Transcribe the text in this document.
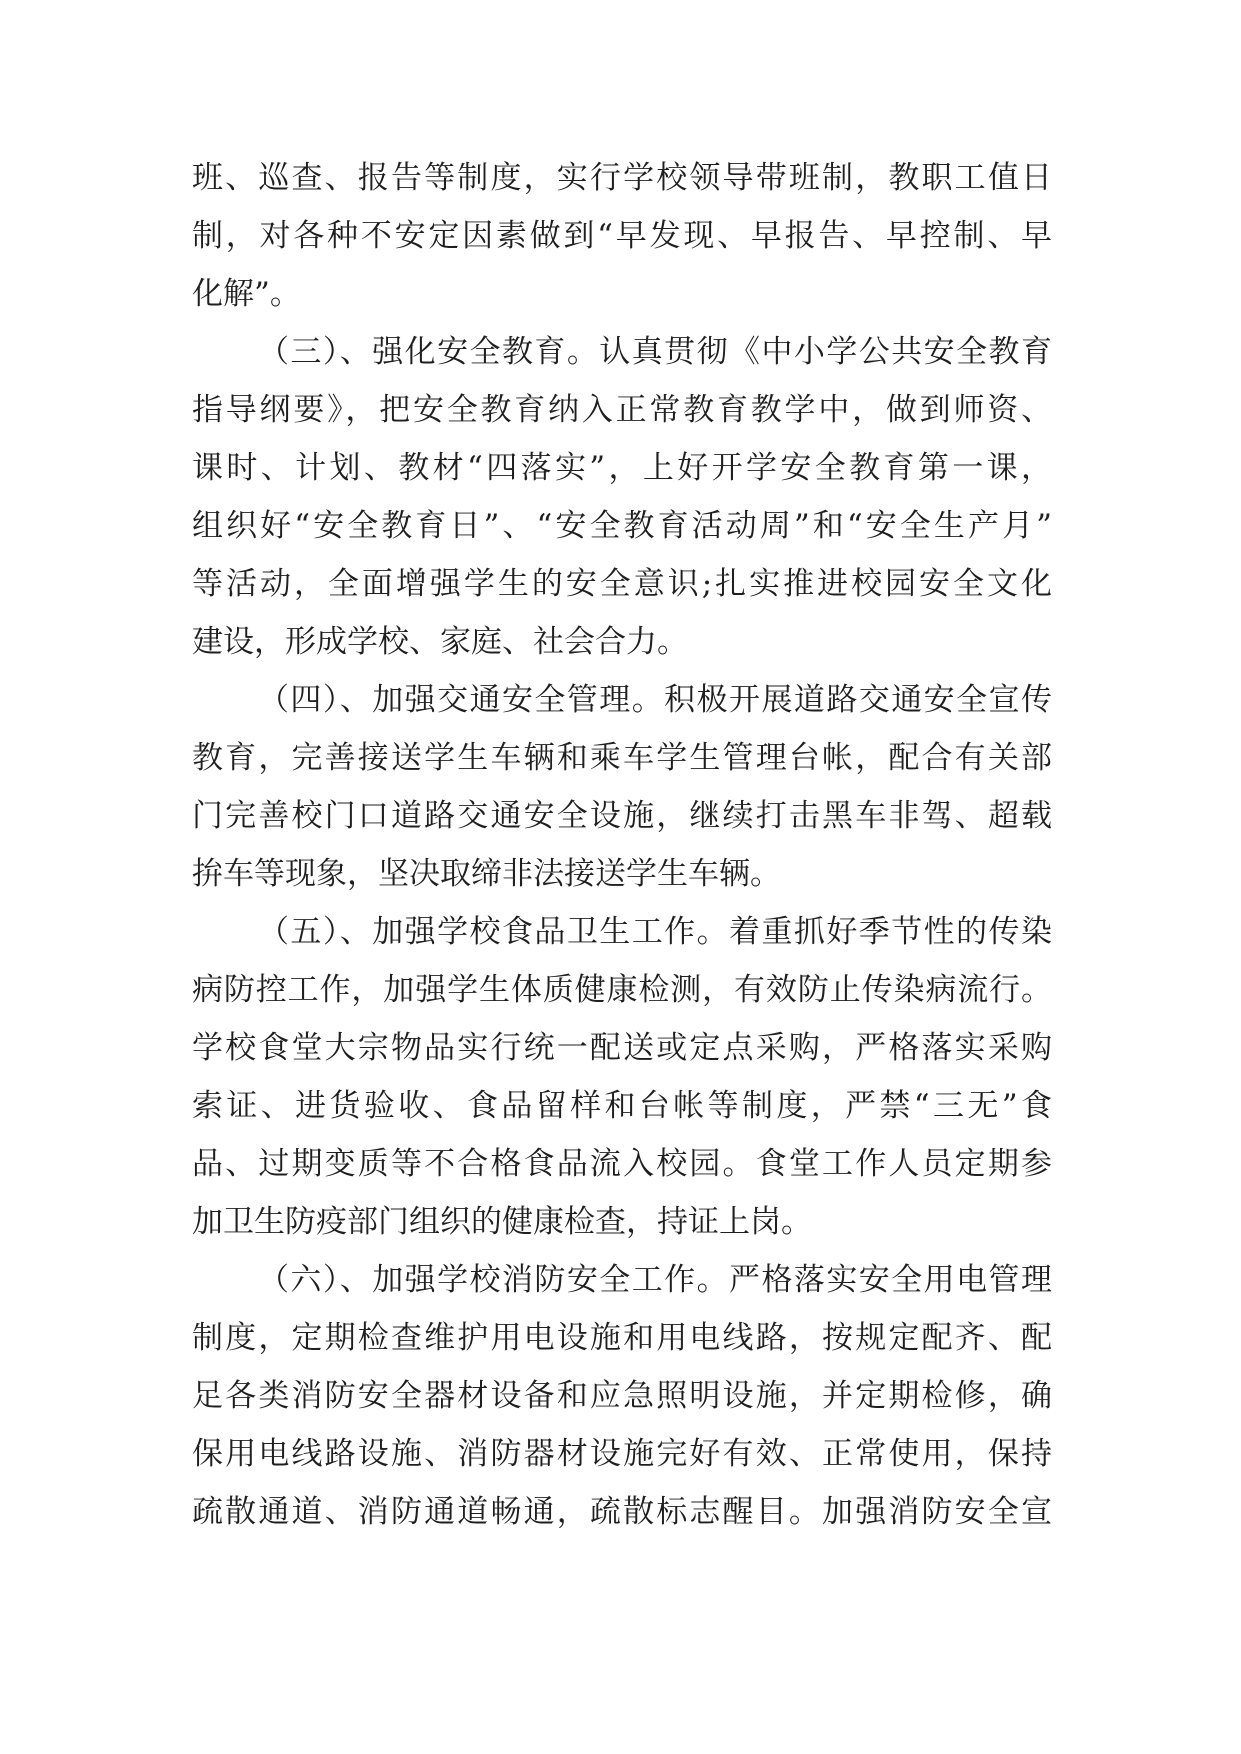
班、巡查、报告等制度，实行学校领导带班制，教职工值日
制，对各种不安定因素做到“早发现、早报告、早控制、早
化解”。
（三）、强化安全教育。认真贯彻《中小学公共安全教育
指导纲要》，把安全教育纳入正常教育教学中，做到师资、
课时、计划、教材“四落实”，上好开学安全教育第一课，
组织好“安全教育日”、“安全教育活动周”和“安全生产月”
等活动，全面增强学生的安全意识;扎实推进校园安全文化
建设，形成学校、家庭、社会合力。
（四）、加强交通安全管理。积极开展道路交通安全宣传
教育，完善接送学生车辆和乘车学生管理台帐，配合有关部
门完善校门口道路交通安全设施，继续打击黑车非驾、超载
拚车等现象，坚决取缔非法接送学生车辆。
（五）、加强学校食品卫生工作。着重抓好季节性的传染
病防控工作，加强学生体质健康检测，有效防止传染病流行。
学校食堂大宗物品实行统一配送或定点采购，严格落实采购
索证、进货验收、食品留样和台帐等制度，严禁“三无”食
品、过期变质等不合格食品流入校园。食堂工作人员定期参
加卫生防疫部门组织的健康检查，持证上岗。
（六）、加强学校消防安全工作。严格落实安全用电管理
制度，定期检查维护用电设施和用电线路，按规定配齐、配
足各类消防安全器材设备和应急照明设施，并定期检修，确
保用电线路设施、消防器材设施完好有效、正常使用，保持
疏散通道、消防通道畅通，疏散标志醒目。加强消防安全宣
